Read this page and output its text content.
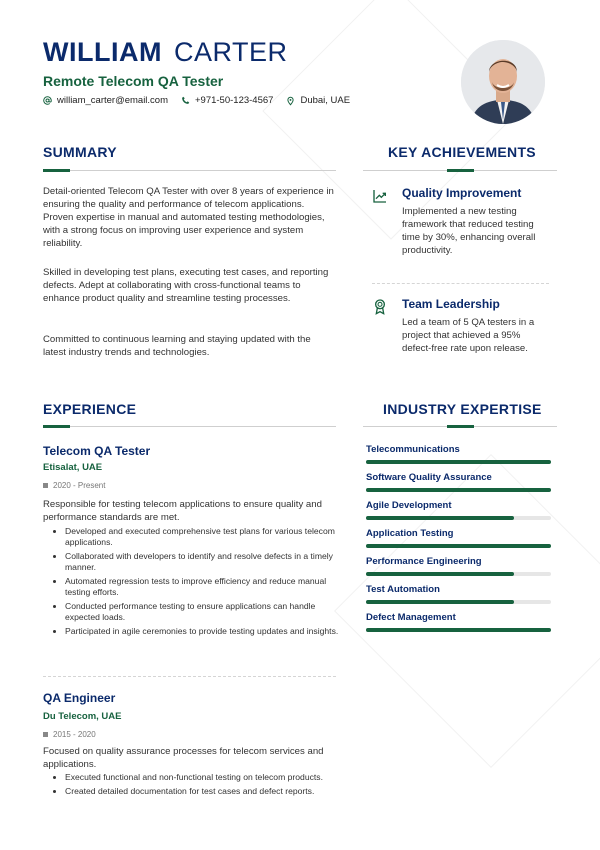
WILLIAM CARTER
Remote Telecom QA Tester
william_carter@email.com	+971-50-123-4567	Dubai, UAE
SUMMARY
Detail-oriented Telecom QA Tester with over 8 years of experience in ensuring the quality and performance of telecom applications. Proven expertise in manual and automated testing methodologies, with a strong focus on improving user experience and system reliability.
Skilled in developing test plans, executing test cases, and reporting defects. Adept at collaborating with cross-functional teams to enhance product quality and streamline testing processes.
Committed to continuous learning and staying updated with the latest industry trends and technologies.
KEY ACHIEVEMENTS
Quality Improvement
Implemented a new testing framework that reduced testing time by 30%, enhancing overall productivity.
Team Leadership
Led a team of 5 QA testers in a project that achieved a 95% defect-free rate upon release.
EXPERIENCE
Telecom QA Tester
Etisalat, UAE
2020 - Present
Responsible for testing telecom applications to ensure quality and performance standards are met.
Developed and executed comprehensive test plans for various telecom applications.
Collaborated with developers to identify and resolve defects in a timely manner.
Automated regression tests to improve efficiency and reduce manual testing efforts.
Conducted performance testing to ensure applications can handle expected loads.
Participated in agile ceremonies to provide testing updates and insights.
QA Engineer
Du Telecom, UAE
2015 - 2020
Focused on quality assurance processes for telecom services and applications.
Executed functional and non-functional testing on telecom products.
Created detailed documentation for test cases and defect reports.
INDUSTRY EXPERTISE
Telecommunications
Software Quality Assurance
Agile Development
Application Testing
Performance Engineering
Test Automation
Defect Management
